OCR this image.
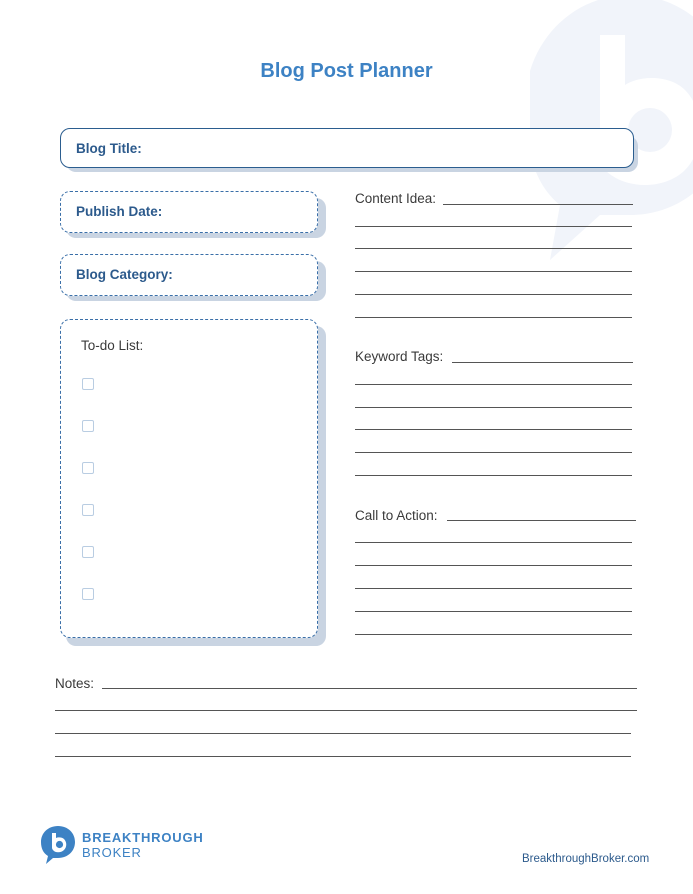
Blog Post Planner
Blog Title:
Publish Date:
Blog Category:
To-do List:
Content Idea:
Keyword Tags:
Call to Action:
Notes:
BREAKTHROUGH
BROKER	BreakthroughBroker.com
